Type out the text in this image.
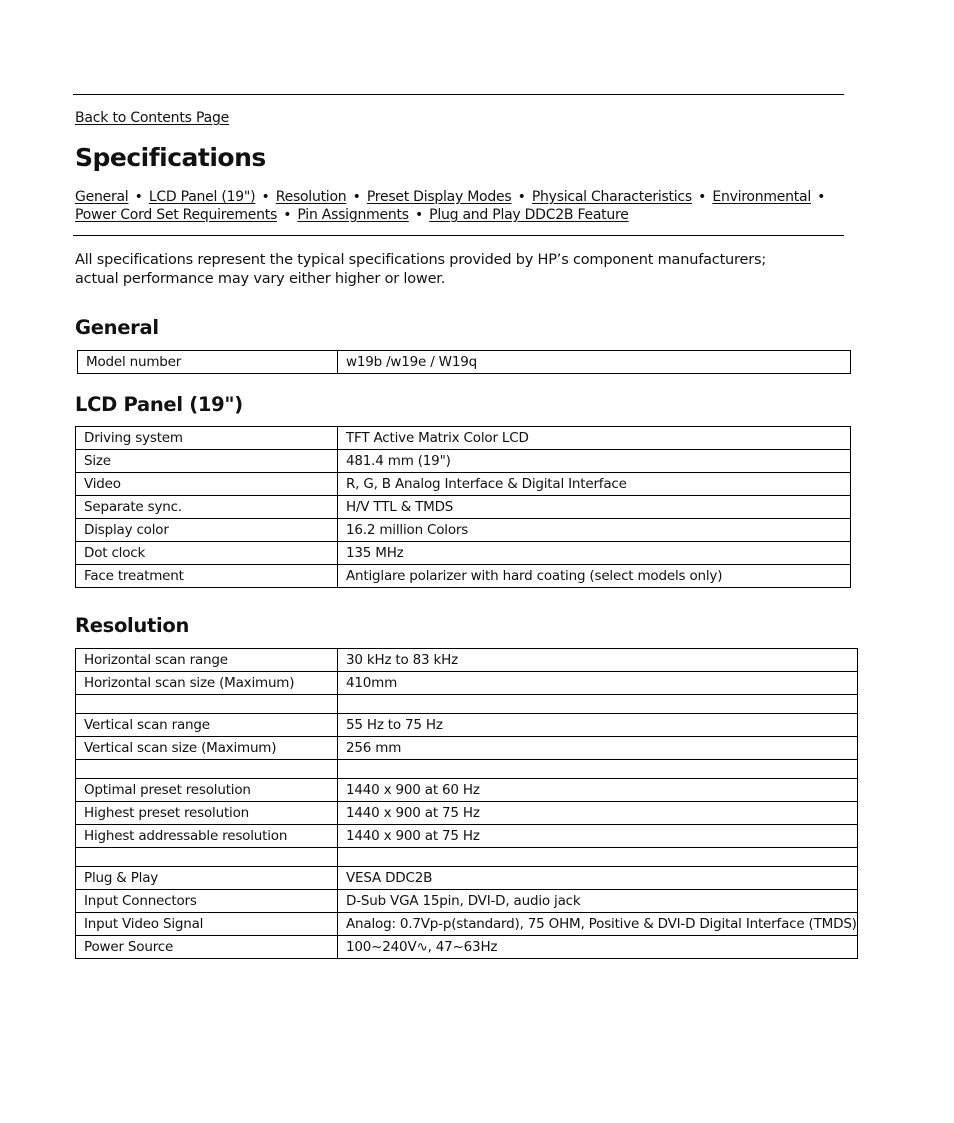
Back to Contents Page
Specifications
General • LCD Panel (19") • Resolution • Preset Display Modes • Physical Characteristics • Environmental •
Power Cord Set Requirements • Pin Assignments • Plug and Play DDC2B Feature

All specifications represent the typical specifications provided by HP’s component manufacturers; actual performance may vary either higher or lower.

General
Model number	w19b /w19e / W19q
LCD Panel (19")
Driving system	TFT Active Matrix Color LCD
Size	481.4 mm (19")
Video	R, G, B Analog Interface & Digital Interface
Separate sync.	H/V TTL & TMDS
Display color	16.2 million Colors
Dot clock	135 MHz
Face treatment	Antiglare polarizer with hard coating (select models only)
Resolution
Horizontal scan range	30 kHz to 83 kHz
Horizontal scan size (Maximum)	410mm

Vertical scan range	55 Hz to 75 Hz
Vertical scan size (Maximum)	256 mm

Optimal preset resolution	1440 x 900 at 60 Hz
Highest preset resolution	1440 x 900 at 75 Hz
Highest addressable resolution	1440 x 900 at 75 Hz

Plug & Play	VESA DDC2B
Input Connectors	D-Sub VGA 15pin, DVI-D, audio jack
Input Video Signal	Analog: 0.7Vp-p(standard), 75 OHM, Positive & DVI-D Digital Interface (TMDS)
Power Source	100~240V∿, 47~63Hz
